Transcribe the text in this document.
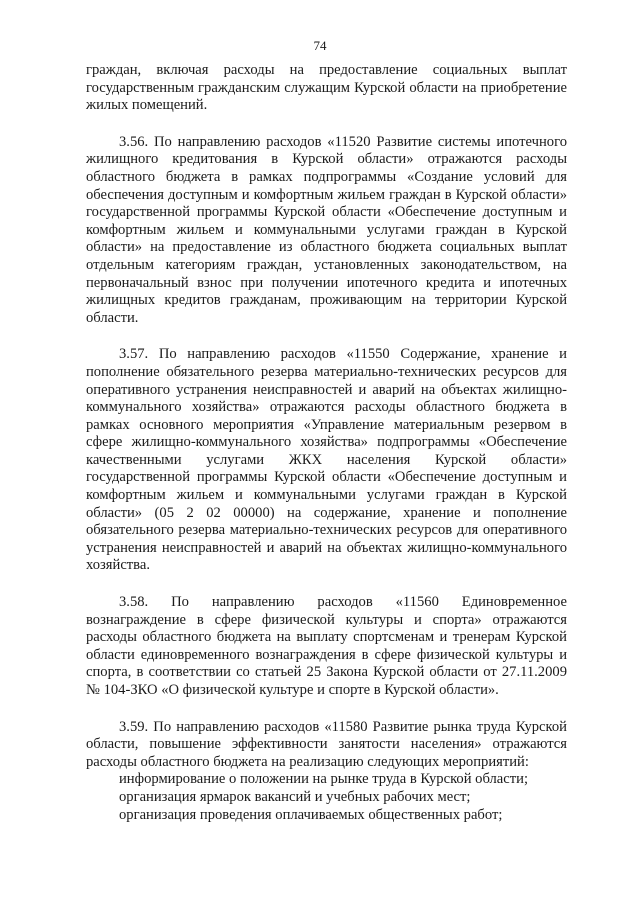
74

граждан, включая расходы на предоставление социальных выплат государственным гражданским служащим Курской области на приобретение жилых помещений.

3.56. По направлению расходов «11520 Развитие системы ипотечного жилищного кредитования в Курской области» отражаются расходы областного бюджета в рамках подпрограммы «Создание условий для обеспечения доступным и комфортным жильем граждан в Курской области» государственной программы Курской области «Обеспечение доступным и комфортным жильем и коммунальными услугами граждан в Курской области» на предоставление из областного бюджета социальных выплат отдельным категориям граждан, установленных законодательством, на первоначальный взнос при получении ипотечного кредита и ипотечных жилищных кредитов гражданам, проживающим на территории Курской области.

3.57. По направлению расходов «11550 Содержание, хранение и пополнение обязательного резерва материально-технических ресурсов для оперативного устранения неисправностей и аварий на объектах жилищно-коммунального хозяйства» отражаются расходы областного бюджета в рамках основного мероприятия «Управление материальным резервом в сфере жилищно-коммунального хозяйства» подпрограммы «Обеспечение качественными услугами ЖКХ населения Курской области» государственной программы Курской области «Обеспечение доступным и комфортным жильем и коммунальными услугами граждан в Курской области» (05 2 02 00000) на содержание, хранение и пополнение обязательного резерва материально-технических ресурсов для оперативного устранения неисправностей и аварий на объектах жилищно-коммунального хозяйства.

3.58. По направлению расходов «11560 Единовременное вознаграждение в сфере физической культуры и спорта» отражаются расходы областного бюджета на выплату спортсменам и тренерам Курской области единовременного вознаграждения в сфере физической культуры и спорта, в соответствии со статьей 25 Закона Курской области от 27.11.2009 № 104-ЗКО «О физической культуре и спорте в Курской области».

3.59. По направлению расходов «11580 Развитие рынка труда Курской области, повышение эффективности занятости населения» отражаются расходы областного бюджета на реализацию следующих мероприятий:

информирование о положении на рынке труда в Курской области;

организация ярмарок вакансий и учебных рабочих мест;

организация проведения оплачиваемых общественных работ;
